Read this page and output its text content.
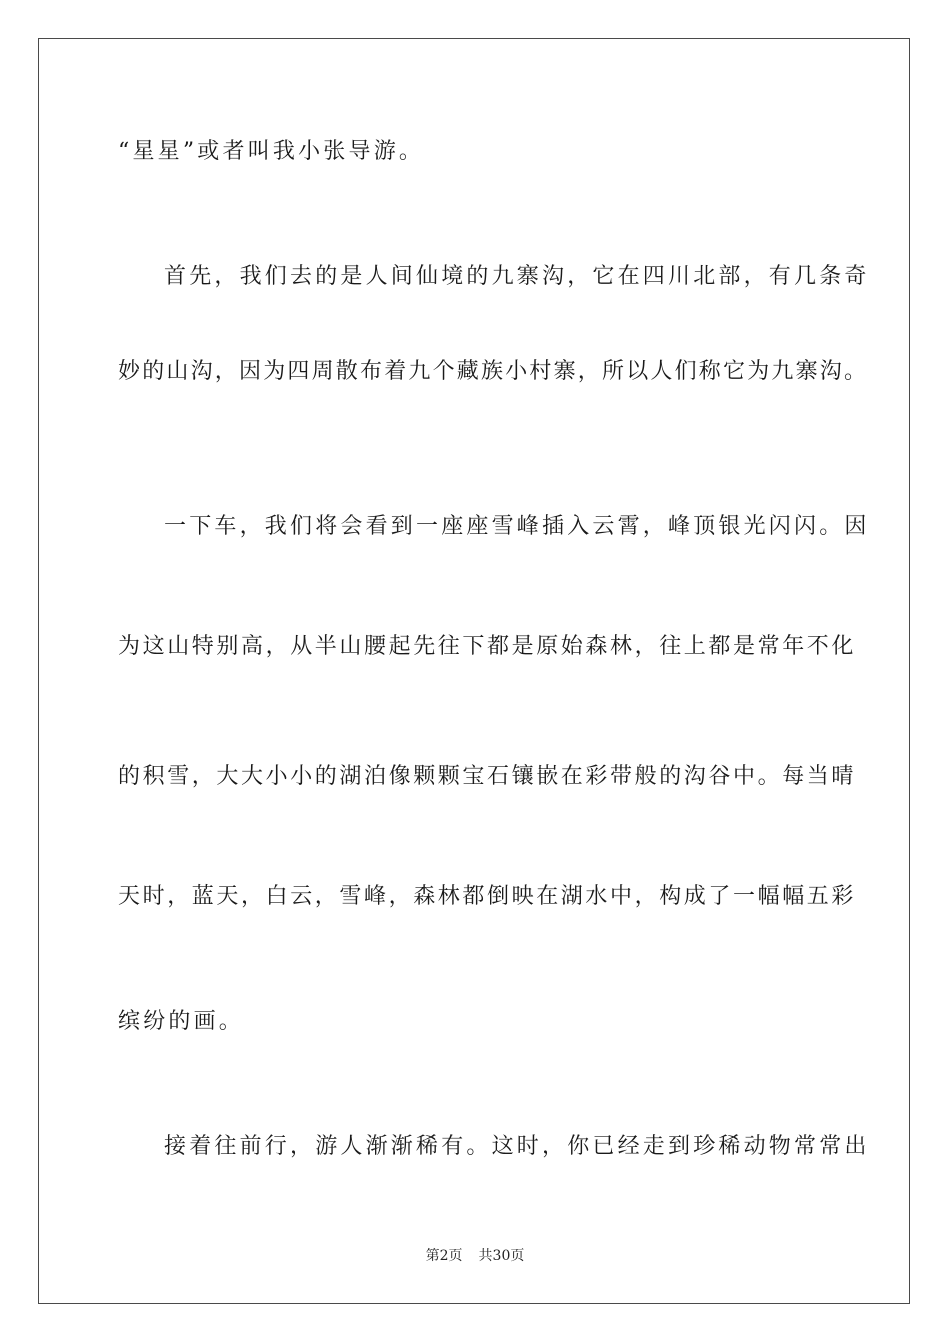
“星星”或者叫我小张导游。
首先，我们去的是人间仙境的九寨沟，它在四川北部，有几条奇
妙的山沟，因为四周散布着九个藏族小村寨，所以人们称它为九寨沟。
一下车，我们将会看到一座座雪峰插入云霄，峰顶银光闪闪。因
为这山特别高，从半山腰起先往下都是原始森林，往上都是常年不化
的积雪，大大小小的湖泊像颗颗宝石镶嵌在彩带般的沟谷中。每当晴
天时，蓝天，白云，雪峰，森林都倒映在湖水中，构成了一幅幅五彩
缤纷的画。
接着往前行，游人渐渐稀有。这时，你已经走到珍稀动物常常出
第2页 共30页
